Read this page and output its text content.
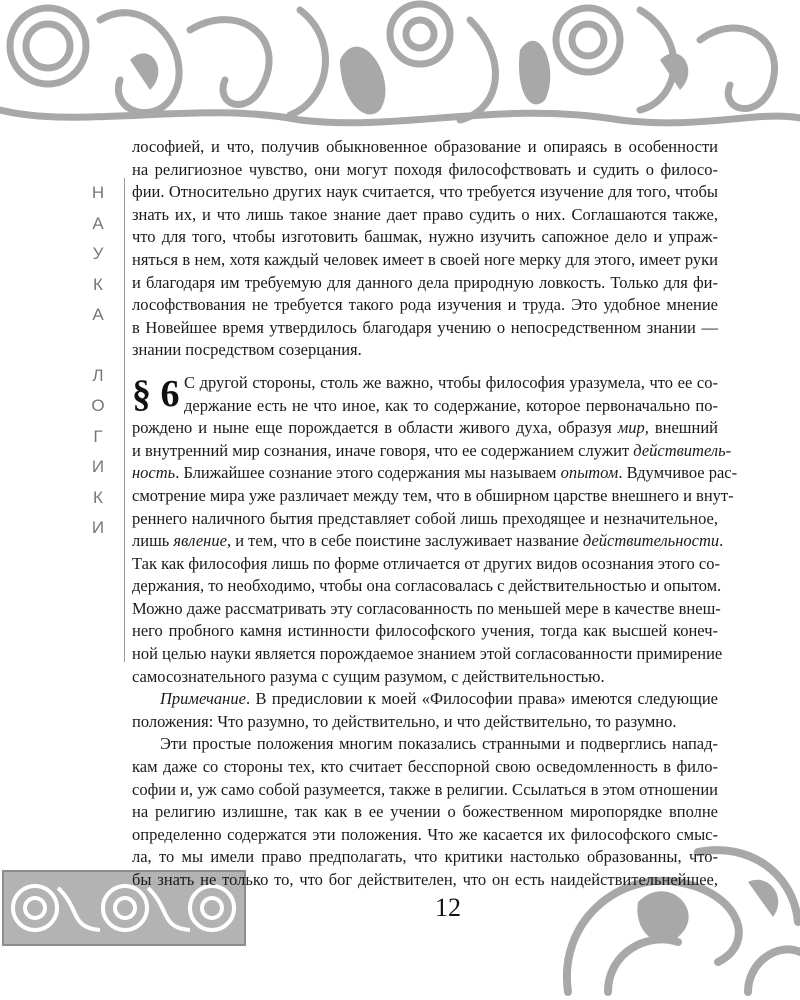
Н
А
У
К
А
Л
О
Г
И
К
И
лософией, и что, получив обыкновенное образование и опираясь в особенности
на религиозное чувство, они могут походя философствовать и судить о филосо-
фии. Относительно других наук считается, что требуется изучение для того, чтобы
знать их, и что лишь такое знание дает право судить о них. Соглашаются также,
что для того, чтобы изготовить башмак, нужно изучить сапожное дело и упраж-
няться в нем, хотя каждый человек имеет в своей ноге мерку для этого, имеет руки
и благодаря им требуемую для данного дела природную ловкость. Только для фи-
лософствования не требуется такого рода изучения и труда. Это удобное мнение
в Новейшее время утвердилось благодаря учению о непосредственном знании —
знании посредством созерцания.
§ 6 С другой стороны, столь же важно, чтобы философия уразумела, что ее со-
держание есть не что иное, как то содержание, которое первоначально по-
рождено и ныне еще порождается в области живого духа, образуя мир, внешний
и внутренний мир сознания, иначе говоря, что ее содержанием служит действитель-
ность. Ближайшее сознание этого содержания мы называем опытом. Вдумчивое рас-
смотрение мира уже различает между тем, что в обширном царстве внешнего и внут-
реннего наличного бытия представляет собой лишь преходящее и незначительное,
лишь явление, и тем, что в себе поистине заслуживает название действительности.
Так как философия лишь по форме отличается от других видов осознания этого со-
держания, то необходимо, чтобы она согласовалась с действительностью и опытом.
Можно даже рассматривать эту согласованность по меньшей мере в качестве внеш-
него пробного камня истинности философского учения, тогда как высшей конеч-
ной целью науки является порождаемое знанием этой согласованности примирение
самосознательного разума с сущим разумом, с действительностью.
Примечание. В предисловии к моей «Философии права» имеются следующие
положения: Что разумно, то действительно, и что действительно, то разумно.
Эти простые положения многим показались странными и подверглись напад-
кам даже со стороны тех, кто считает бесспорной свою осведомленность в фило-
софии и, уж само собой разумеется, также в религии. Ссылаться в этом отношении
на религию излишне, так как в ее учении о божественном миропорядке вполне
определенно содержатся эти положения. Что же касается их философского смыс-
ла, то мы имели право предполагать, что критики настолько образованны, что-
бы знать не только то, что бог действителен, что он есть наидействительнейшее,
12
